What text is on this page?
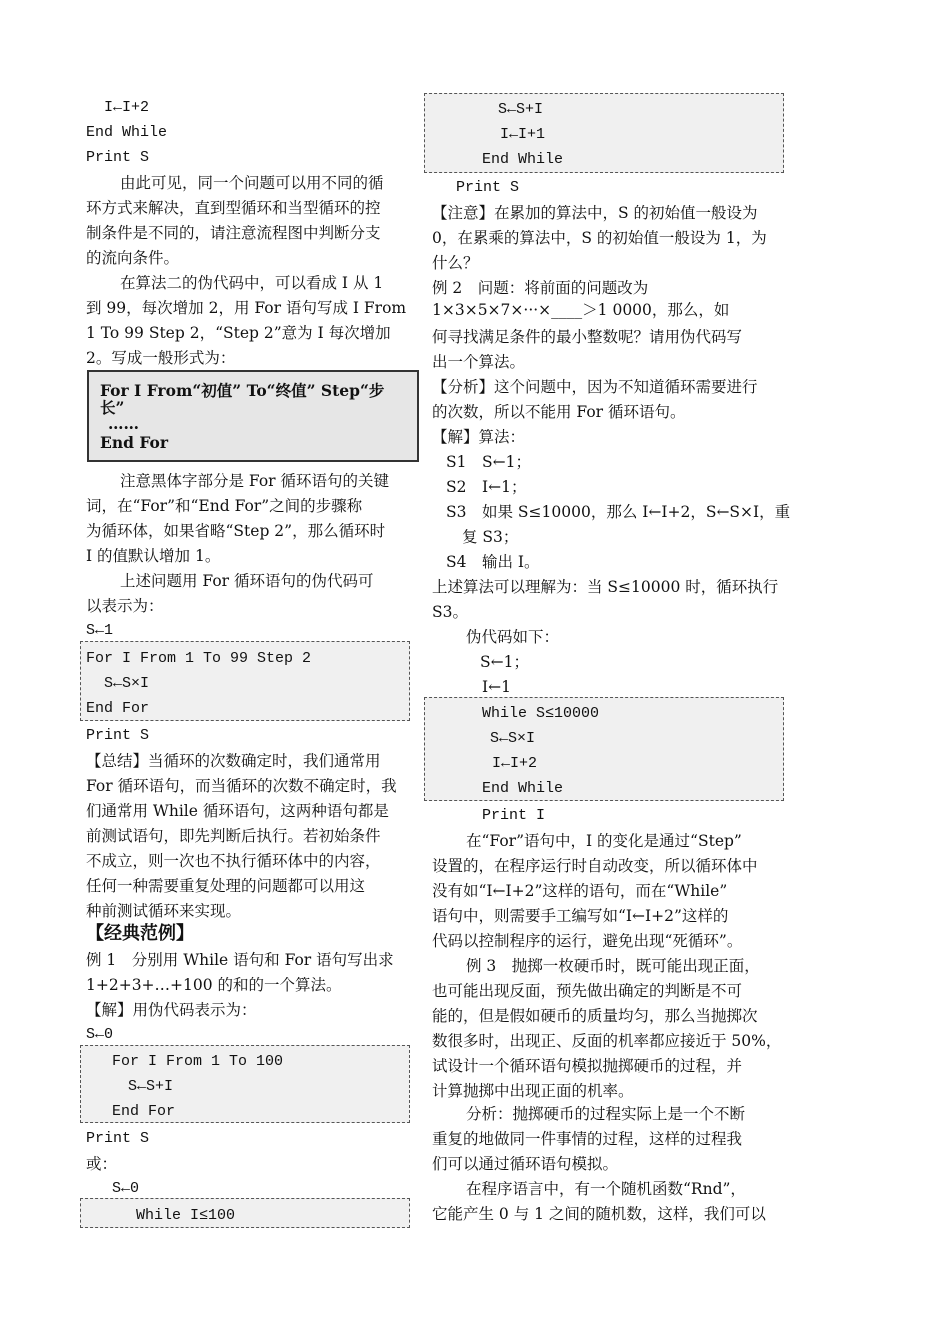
I←I+2
End While
Print S
由此可见，同一个问题可以用不同的循
环方式来解决，直到型循环和当型循环的控
制条件是不同的，请注意流程图中判断分支
的流向条件。
在算法二的伪代码中，可以看成 I 从 1
到 99，每次增加 2，用 For 语句写成 I From
1 To 99 Step 2，“Step 2”意为 I 每次增加
2。写成一般形式为：
For I From“初值” To“终值” Step“步
长”
……
End For
注意黑体字部分是 For 循环语句的关键
词，在“For”和“End For”之间的步骤称
为循环体，如果省略“Step 2”，那么循环时
I 的值默认增加 1。
上述问题用 For 循环语句的伪代码可
以表示为：
S←1
For I From 1 To 99 Step 2
S←S×I
End For
Print S
【总结】当循环的次数确定时，我们通常用
For 循环语句，而当循环的次数不确定时，我
们通常用 While 循环语句，这两种语句都是
前测试语句，即先判断后执行。若初始条件
不成立，则一次也不执行循环体中的内容，
任何一种需要重复处理的问题都可以用这
种前测试循环来实现。
【经典范例】
例 1　分别用 While 语句和 For 语句写出求
1+2+3+…+100 的和的一个算法。
【解】用伪代码表示为：
S←0
For I From 1 To 100
S←S+I
End For
Print S
或：
S←0
While I≤100
S←S+I
I←I+1
End While
Print S
【注意】在累加的算法中，S 的初始值一般设为
0，在累乘的算法中，S 的初始值一般设为 1，为
什么？
例 2　问题：将前面的问题改为
1×3×5×7×···×____＞1 0000，那么，如
何寻找满足条件的最小整数呢？请用伪代码写
出一个算法。
【分析】这个问题中，因为不知道循环需要进行
的次数，所以不能用 For 循环语句。
【解】算法：
S1　S←1；
S2　I←1；
S3　如果 S≤10000，那么 I←I+2，S←S×I，重
复 S3；
S4　输出 I。
上述算法可以理解为：当 S≤10000 时，循环执行
S3。
伪代码如下：
S←1；
I←1
While S≤10000
S←S×I
I←I+2
End While
Print I
在“For”语句中，I 的变化是通过“Step”
设置的，在程序运行时自动改变，所以循环体中
没有如“I←I+2”这样的语句，而在“While”
语句中，则需要手工编写如“I←I+2”这样的
代码以控制程序的运行，避免出现“死循环”。
例 3　抛掷一枚硬币时，既可能出现正面，
也可能出现反面，预先做出确定的判断是不可
能的，但是假如硬币的质量均匀，那么当抛掷次
数很多时，出现正、反面的机率都应接近于 50%，
试设计一个循环语句模拟抛掷硬币的过程，并
计算抛掷中出现正面的机率。
分析：抛掷硬币的过程实际上是一个不断
重复的地做同一件事情的过程，这样的过程我
们可以通过循环语句模拟。
在程序语言中，有一个随机函数“Rnd”，
它能产生 0 与 1 之间的随机数，这样，我们可以
